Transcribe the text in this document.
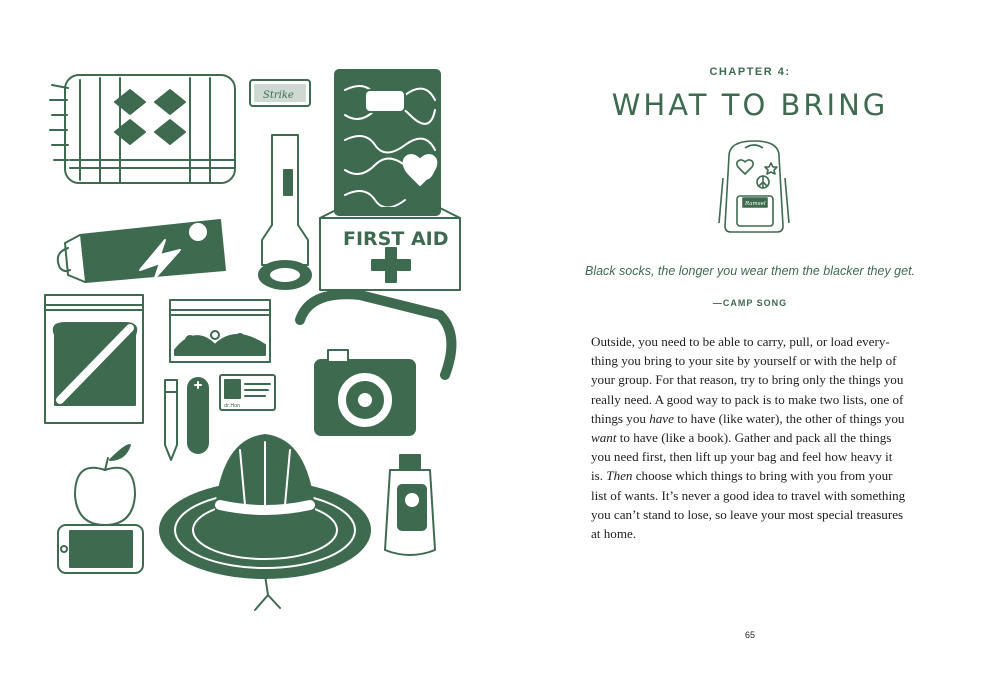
Strike
FIRST AID
dr.Hon
CHAPTER 4:
WHAT TO BRING
Ramsel
Black socks, the longer you wear them the blacker they get.
—CAMP SONG
Outside, you need to be able to carry, pull, or load every-
thing you bring to your site by yourself or with the help of
your group. For that reason, try to bring only the things you
really need. A good way to pack is to make two lists, one of
things you have to have (like water), the other of things you
want to have (like a book). Gather and pack all the things
you need first, then lift up your bag and feel how heavy it
is. Then choose which things to bring with you from your
list of wants. It’s never a good idea to travel with something
you can’t stand to lose, so leave your most special treasures
at home.
65
